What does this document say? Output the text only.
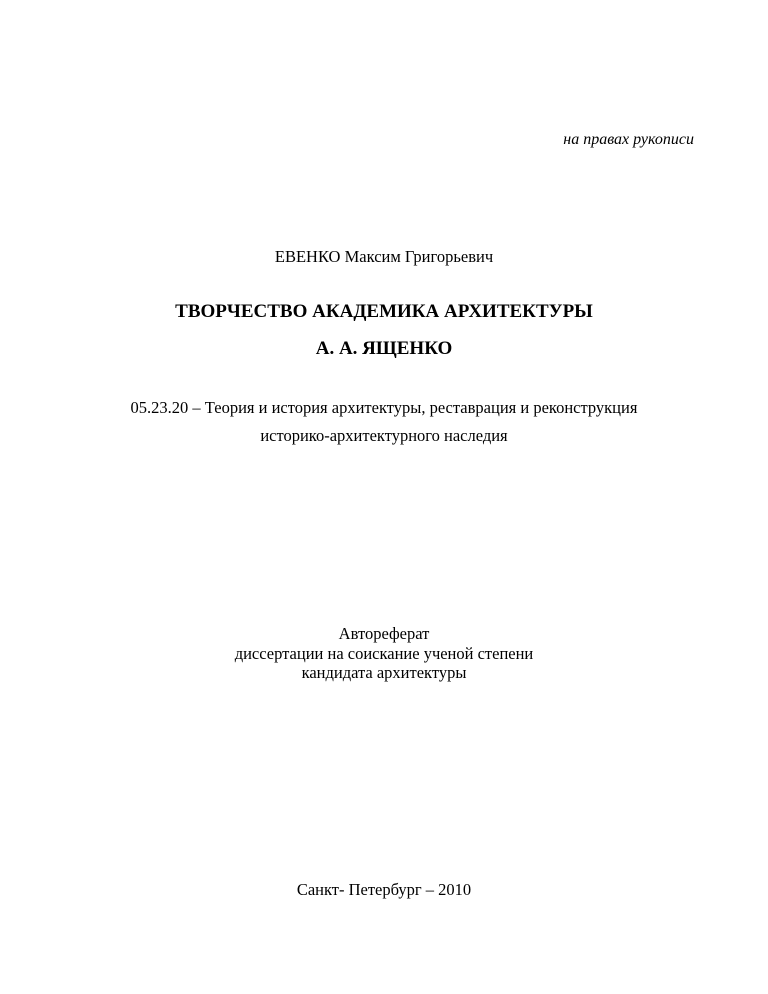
на правах рукописи
ЕВЕНКО Максим Григорьевич
ТВОРЧЕСТВО АКАДЕМИКА АРХИТЕКТУРЫ
А. А. ЯЩЕНКО
05.23.20 – Теория и история архитектуры, реставрация и реконструкция
историко-архитектурного наследия
Автореферат
диссертации на соискание ученой степени
кандидата архитектуры
Санкт- Петербург – 2010
